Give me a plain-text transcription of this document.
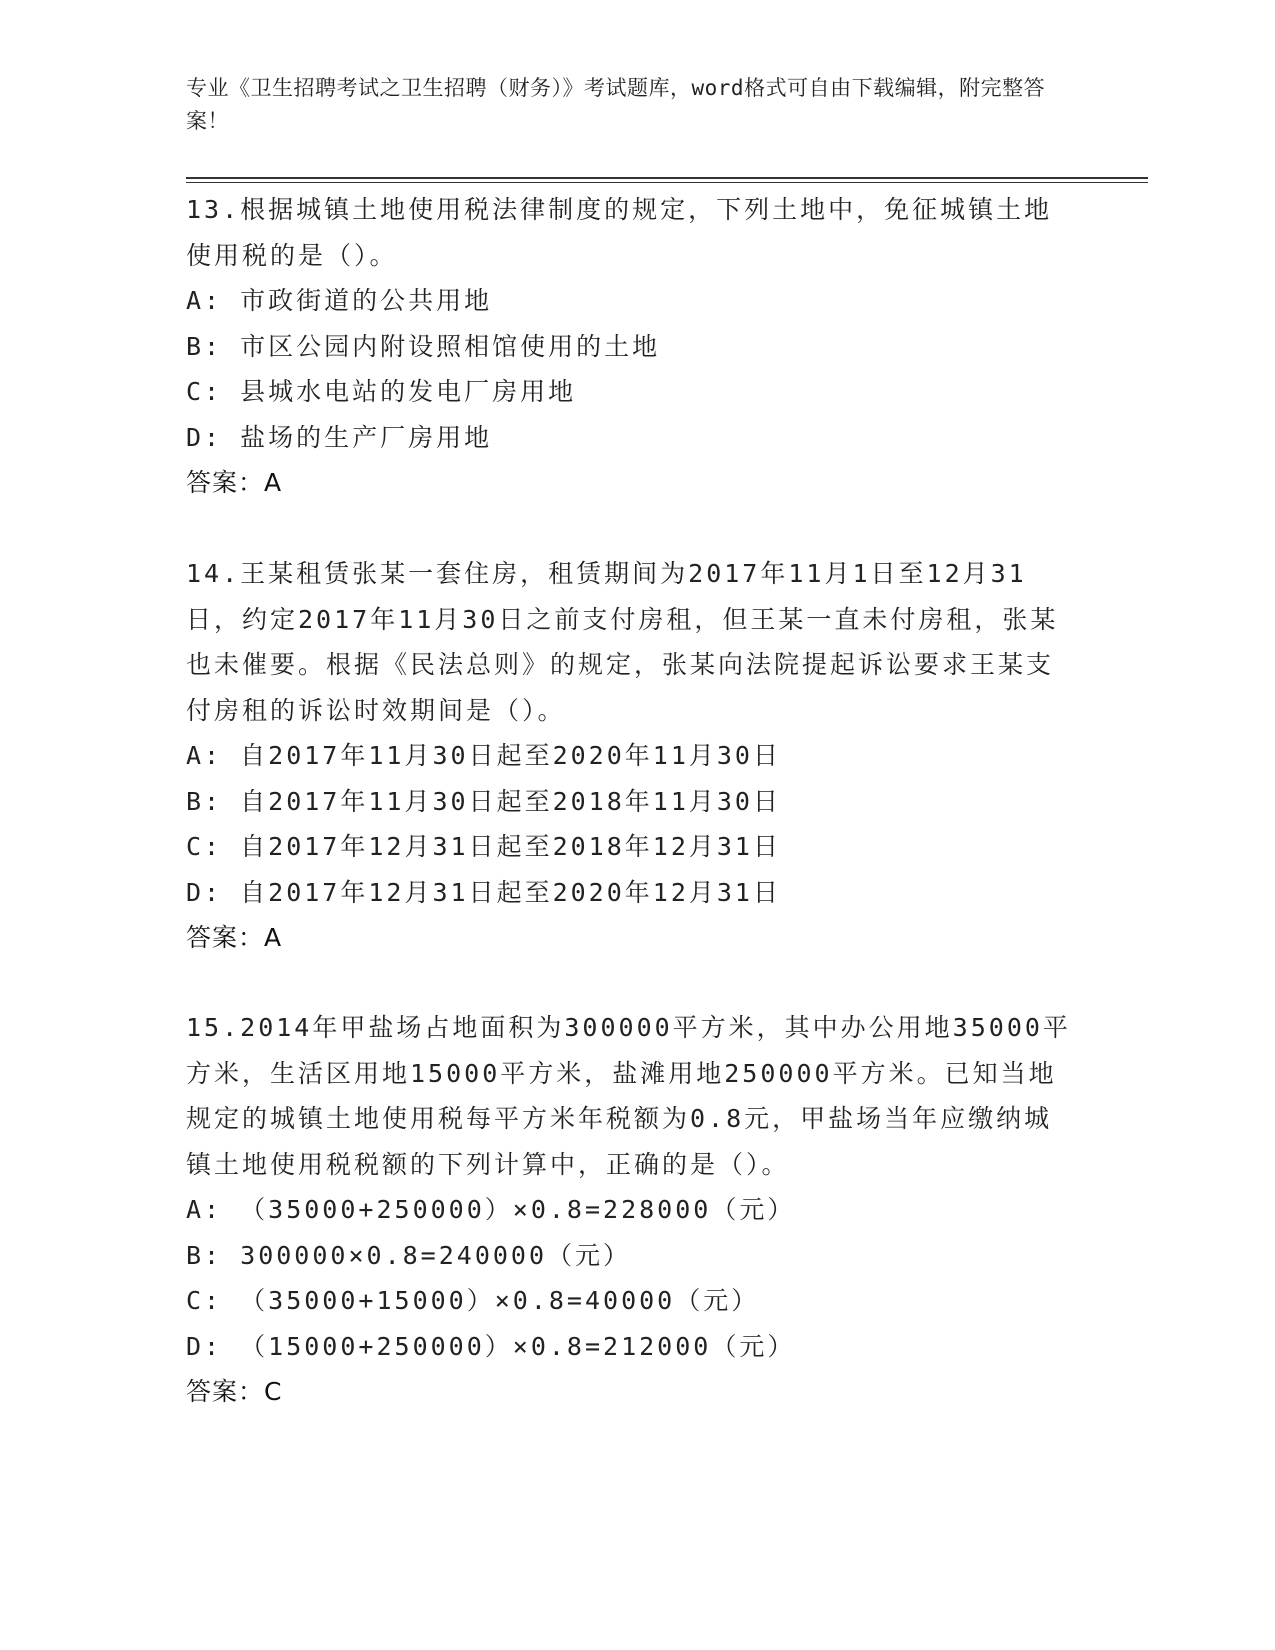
专业《卫生招聘考试之卫生招聘（财务）》考试题库，word格式可自由下载编辑，附完整答案！
13.根据城镇土地使用税法律制度的规定，下列土地中，免征城镇土地使用税的是（）。
A: 市政街道的公共用地
B: 市区公园内附设照相馆使用的土地
C: 县城水电站的发电厂房用地
D: 盐场的生产厂房用地
答案：A
14.王某租赁张某一套住房，租赁期间为2017年11月1日至12月31日，约定2017年11月30日之前支付房租，但王某一直未付房租，张某也未催要。根据《民法总则》的规定，张某向法院提起诉讼要求王某支付房租的诉讼时效期间是（）。
A: 自2017年11月30日起至2020年11月30日
B: 自2017年11月30日起至2018年11月30日
C: 自2017年12月31日起至2018年12月31日
D: 自2017年12月31日起至2020年12月31日
答案：A
15.2014年甲盐场占地面积为300000平方米，其中办公用地35000平方米，生活区用地15000平方米，盐滩用地250000平方米。已知当地规定的城镇土地使用税每平方米年税额为0.8元，甲盐场当年应缴纳城镇土地使用税税额的下列计算中，正确的是（）。
A: （35000+250000）×0.8=228000（元）
B: 300000×0.8=240000（元）
C: （35000+15000）×0.8=40000（元）
D: （15000+250000）×0.8=212000（元）
答案：C
